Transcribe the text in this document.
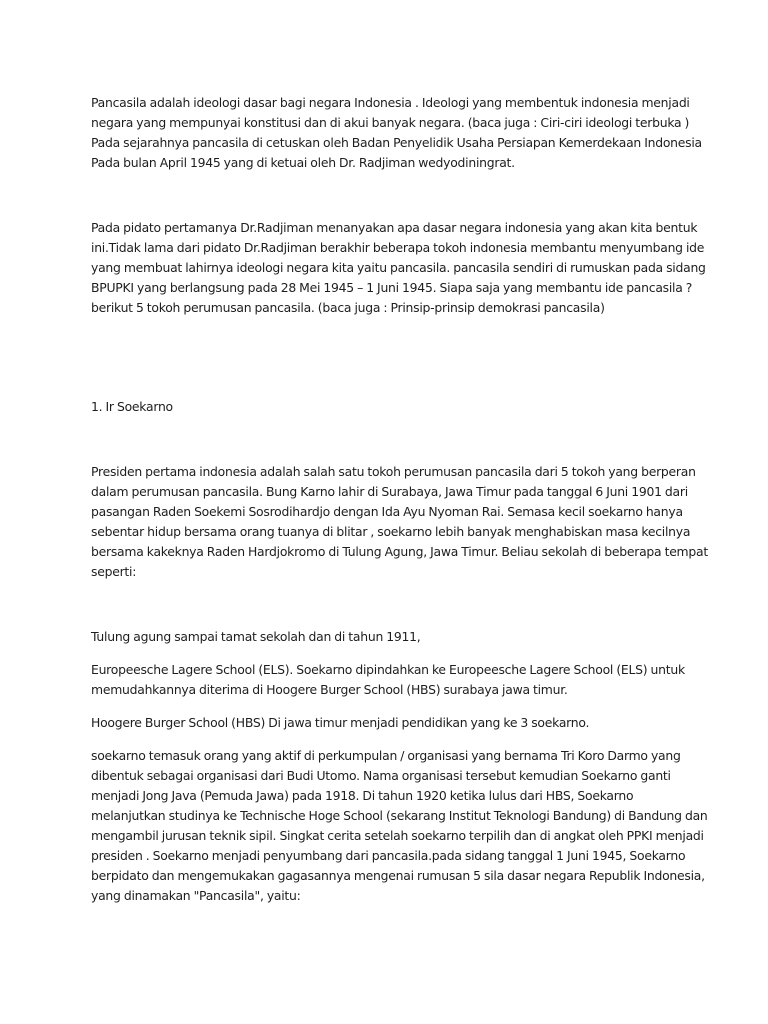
Pancasila adalah ideologi dasar bagi negara Indonesia . Ideologi yang membentuk indonesia menjadi
negara yang mempunyai konstitusi dan di akui banyak negara. (baca juga : Ciri-ciri ideologi terbuka )
Pada sejarahnya pancasila di cetuskan oleh Badan Penyelidik Usaha Persiapan Kemerdekaan Indonesia
Pada bulan April 1945 yang di ketuai oleh Dr. Radjiman wedyodiningrat.

Pada pidato pertamanya Dr.Radjiman menanyakan apa dasar negara indonesia yang akan kita bentuk
ini.Tidak lama dari pidato Dr.Radjiman berakhir beberapa tokoh indonesia membantu menyumbang ide
yang membuat lahirnya ideologi negara kita yaitu pancasila. pancasila sendiri di rumuskan pada sidang
BPUPKI yang berlangsung pada 28 Mei 1945 – 1 Juni 1945. Siapa saja yang membantu ide pancasila ?
berikut 5 tokoh perumusan pancasila. (baca juga : Prinsip-prinsip demokrasi pancasila)

1. Ir Soekarno

Presiden pertama indonesia adalah salah satu tokoh perumusan pancasila dari 5 tokoh yang berperan
dalam perumusan pancasila. Bung Karno lahir di Surabaya, Jawa Timur pada tanggal 6 Juni 1901 dari
pasangan Raden Soekemi Sosrodihardjo dengan Ida Ayu Nyoman Rai. Semasa kecil soekarno hanya
sebentar hidup bersama orang tuanya di blitar , soekarno lebih banyak menghabiskan masa kecilnya
bersama kakeknya Raden Hardjokromo di Tulung Agung, Jawa Timur. Beliau sekolah di beberapa tempat
seperti:

Tulung agung sampai tamat sekolah dan di tahun 1911,

Europeesche Lagere School (ELS). Soekarno dipindahkan ke Europeesche Lagere School (ELS) untuk
memudahkannya diterima di Hoogere Burger School (HBS) surabaya jawa timur.

Hoogere Burger School (HBS) Di jawa timur menjadi pendidikan yang ke 3 soekarno.

soekarno temasuk orang yang aktif di perkumpulan / organisasi yang bernama Tri Koro Darmo yang
dibentuk sebagai organisasi dari Budi Utomo. Nama organisasi tersebut kemudian Soekarno ganti
menjadi Jong Java (Pemuda Jawa) pada 1918. Di tahun 1920 ketika lulus dari HBS, Soekarno
melanjutkan studinya ke Technische Hoge School (sekarang Institut Teknologi Bandung) di Bandung dan
mengambil jurusan teknik sipil. Singkat cerita setelah soekarno terpilih dan di angkat oleh PPKI menjadi
presiden . Soekarno menjadi penyumbang dari pancasila.pada sidang tanggal 1 Juni 1945, Soekarno
berpidato dan mengemukakan gagasannya mengenai rumusan 5 sila dasar negara Republik Indonesia,
yang dinamakan "Pancasila", yaitu:
